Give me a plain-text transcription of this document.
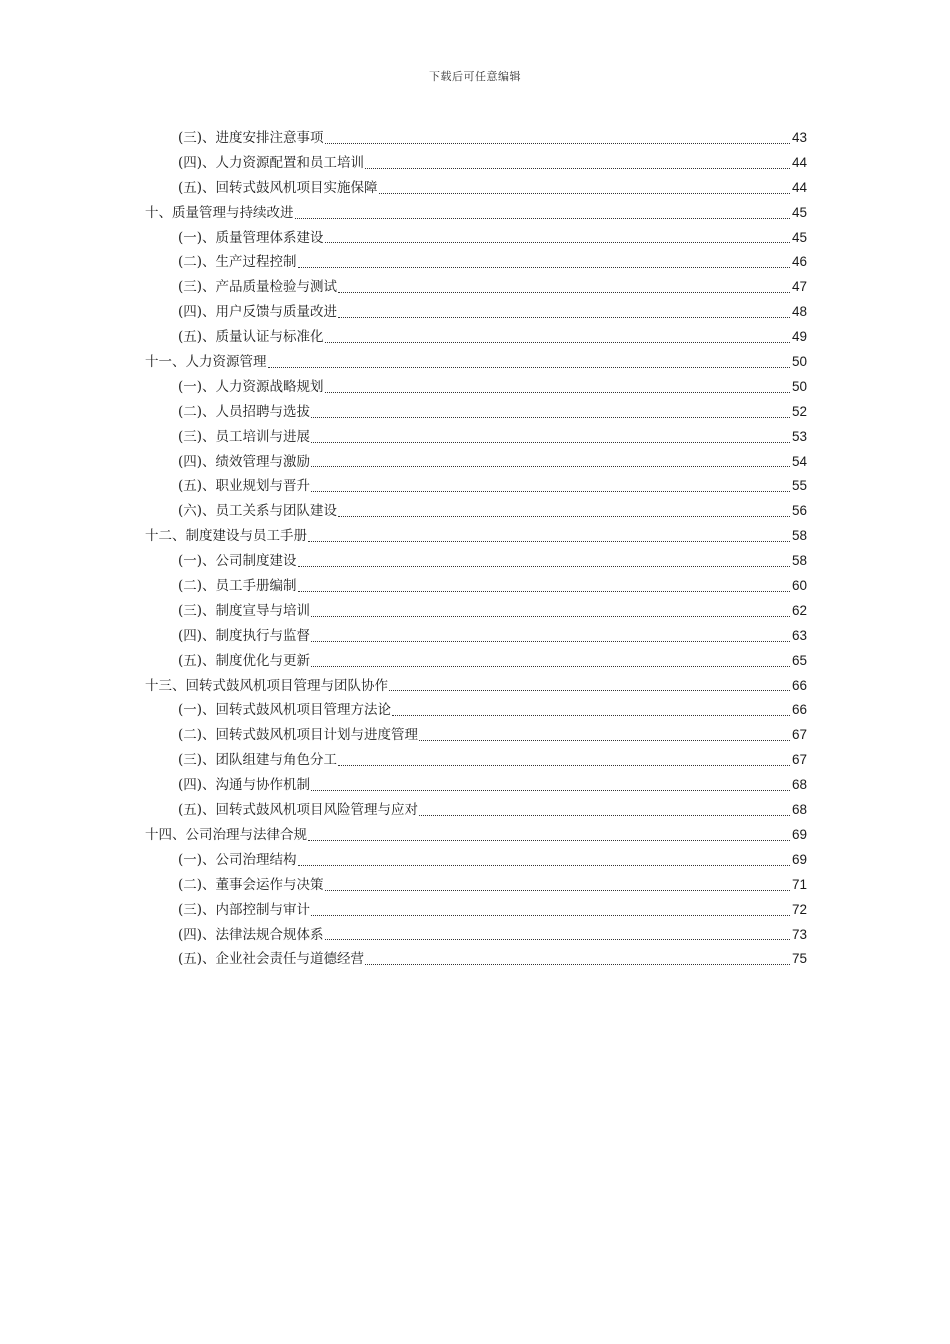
下载后可任意编辑
(三)、进度安排注意事项	43
(四)、人力资源配置和员工培训	44
(五)、回转式鼓风机项目实施保障	44
十、质量管理与持续改进	45
(一)、质量管理体系建设	45
(二)、生产过程控制	46
(三)、产品质量检验与测试	47
(四)、用户反馈与质量改进	48
(五)、质量认证与标准化	49
十一、人力资源管理	50
(一)、人力资源战略规划	50
(二)、人员招聘与选拔	52
(三)、员工培训与进展	53
(四)、绩效管理与激励	54
(五)、职业规划与晋升	55
(六)、员工关系与团队建设	56
十二、制度建设与员工手册	58
(一)、公司制度建设	58
(二)、员工手册编制	60
(三)、制度宣导与培训	62
(四)、制度执行与监督	63
(五)、制度优化与更新	65
十三、回转式鼓风机项目管理与团队协作	66
(一)、回转式鼓风机项目管理方法论	66
(二)、回转式鼓风机项目计划与进度管理	67
(三)、团队组建与角色分工	67
(四)、沟通与协作机制	68
(五)、回转式鼓风机项目风险管理与应对	68
十四、公司治理与法律合规	69
(一)、公司治理结构	69
(二)、董事会运作与决策	71
(三)、内部控制与审计	72
(四)、法律法规合规体系	73
(五)、企业社会责任与道德经营	75
